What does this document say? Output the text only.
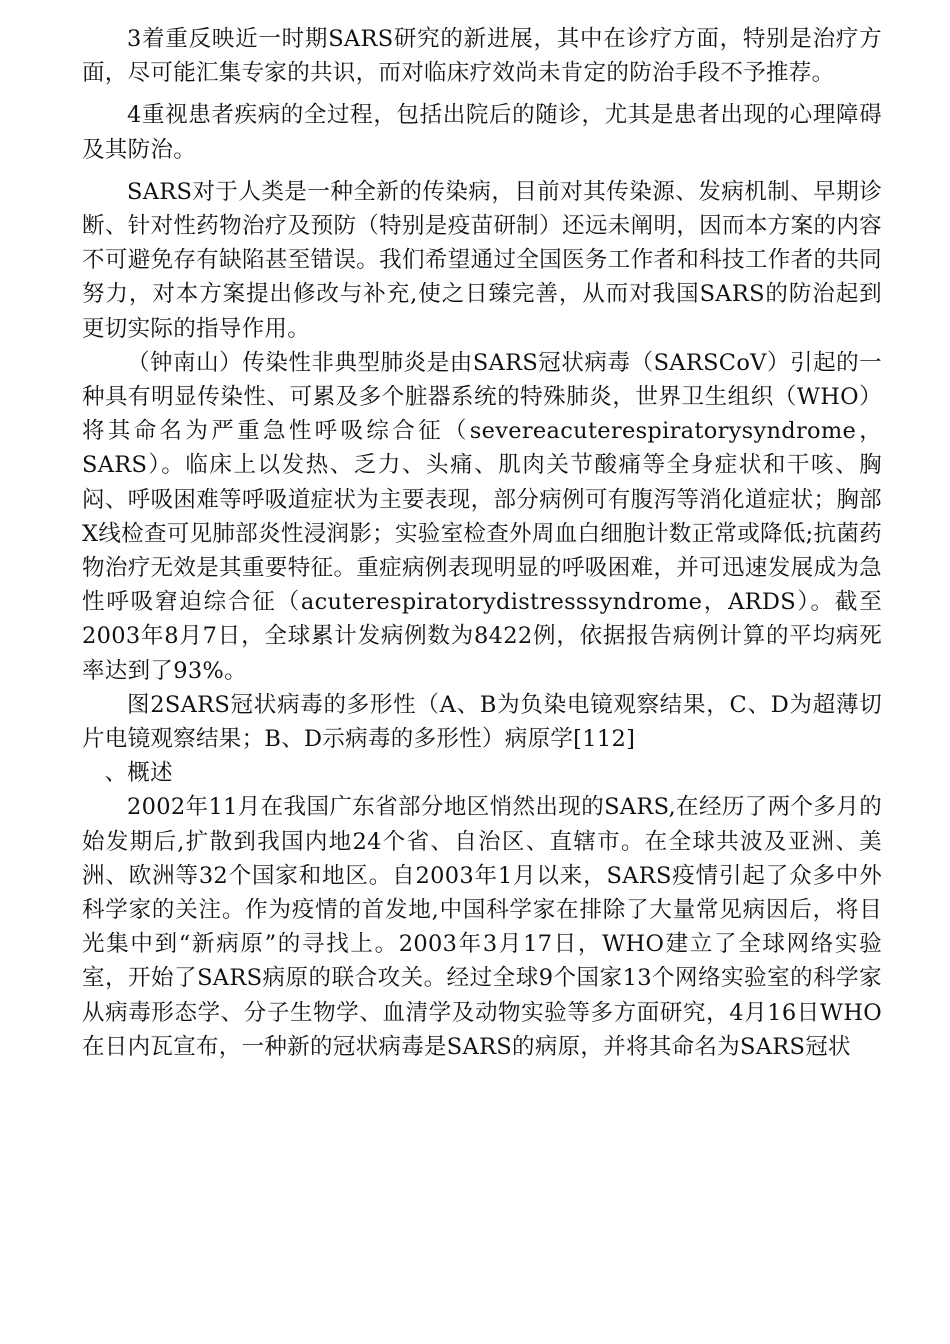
3着重反映近一时期SARS研究的新进展，其中在诊疗方面，特别是治疗方面，尽可能汇集专家的共识，而对临床疗效尚未肯定的防治手段不予推荐。

4重视患者疾病的全过程，包括出院后的随诊，尤其是患者出现的心理障碍及其防治。

SARS对于人类是一种全新的传染病，目前对其传染源、发病机制、早期诊断、针对性药物治疗及预防（特别是疫苗研制）还远未阐明，因而本方案的内容不可避免存有缺陷甚至错误。我们希望通过全国医务工作者和科技工作者的共同努力，对本方案提出修改与补充,使之日臻完善，从而对我国SARS的防治起到更切实际的指导作用。

（钟南山）传染性非典型肺炎是由SARS冠状病毒（SARSCoV）引起的一种具有明显传染性、可累及多个脏器系统的特殊肺炎，世界卫生组织（WHO）将其命名为严重急性呼吸综合征（severeacuterespiratorysyndrome，SARS）。临床上以发热、乏力、头痛、肌肉关节酸痛等全身症状和干咳、胸闷、呼吸困难等呼吸道症状为主要表现，部分病例可有腹泻等消化道症状；胸部X线检查可见肺部炎性浸润影；实验室检查外周血白细胞计数正常或降低;抗菌药物治疗无效是其重要特征。重症病例表现明显的呼吸困难，并可迅速发展成为急性呼吸窘迫综合征（acuterespiratorydistresssyndrome，ARDS）。截至2003年8月7日，全球累计发病例数为8422例，依据报告病例计算的平均病死率达到了93%。

图2SARS冠状病毒的多形性（A、B为负染电镜观察结果，C、D为超薄切片电镜观察结果；B、D示病毒的多形性）病原学[112]

、概述

2002年11月在我国广东省部分地区悄然出现的SARS,在经历了两个多月的始发期后,扩散到我国内地24个省、自治区、直辖市。在全球共波及亚洲、美洲、欧洲等32个国家和地区。自2003年1月以来，SARS疫情引起了众多中外科学家的关注。作为疫情的首发地,中国科学家在排除了大量常见病因后，将目光集中到“新病原”的寻找上。2003年3月17日，WHO建立了全球网络实验室，开始了SARS病原的联合攻关。经过全球9个国家13个网络实验室的科学家从病毒形态学、分子生物学、血清学及动物实验等多方面研究，4月16日WHO在日内瓦宣布，一种新的冠状病毒是SARS的病原，并将其命名为SARS冠状
